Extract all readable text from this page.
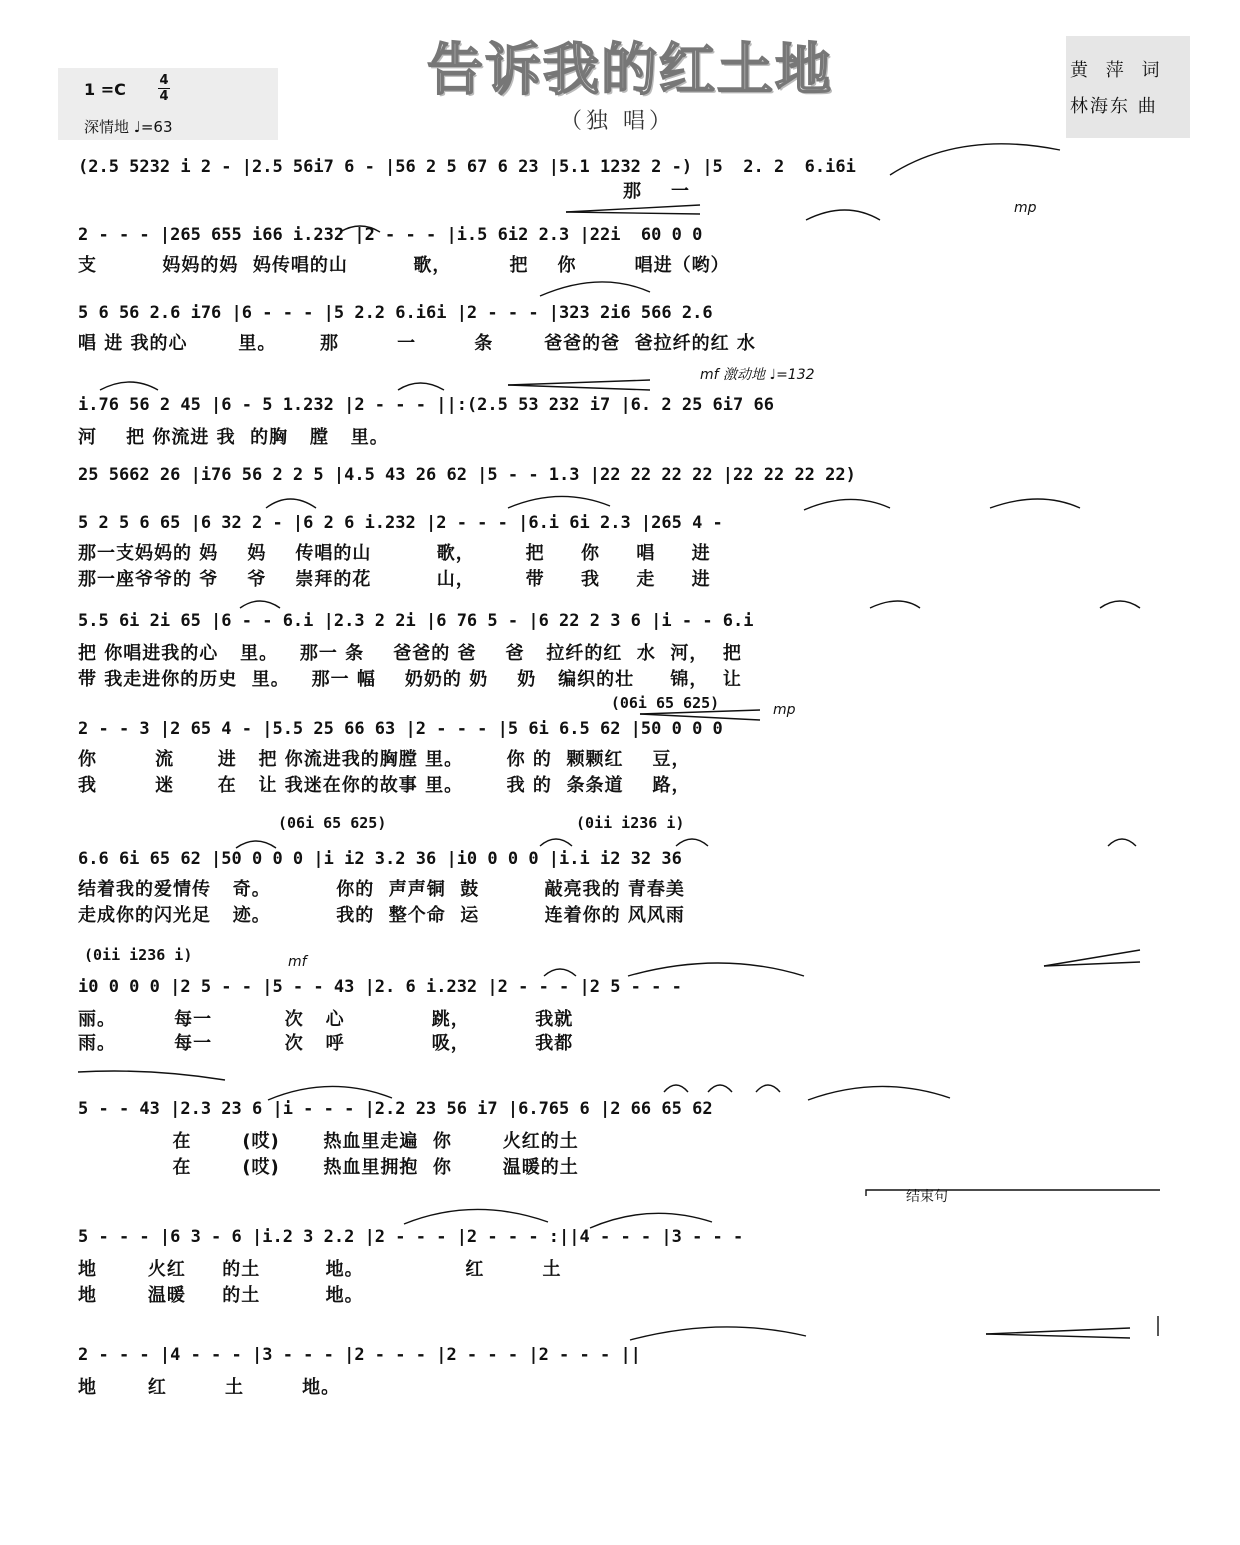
告诉我的红土地
（独 唱）
1 =C	4
4
深情地 ♩=63
黄 萍 词
林海东 曲
(2.5 5232 i 2 - |2.5 56i7 6 - |56 2 5 67 6 23 |5.1 1232 2 -) |5  2. 2  6.i6i
那    一
2 - - - |265 655 i66 i.232 |2 - - - |i.5 6i2 2.3 |22i  60 0 0
支         妈妈的妈  妈传唱的山         歌，        把    你        唱进（哟）
5 6 56 2.6 i76 |6 - - - |5 2.2 6.i6i |2 - - - |323 2i6 566 2.6
唱 进 我的心       里。      那        一        条       爸爸的爸  爸拉纤的红 水
i.76 56 2 45 |6 - 5 1.232 |2 - - - ||:(2.5 53 232 i7 |6. 2 25 6i7 66
河    把 你流进 我  的胸   膛   里。
25 5662 26 |i76 56 2 2 5 |4.5 43 26 62 |5 - - 1.3 |22 22 22 22 |22 22 22 22)
5 2 5 6 65 |6 32 2 - |6 2 6 i.232 |2 - - - |6.i 6i 2.3 |265 4 -
那一支妈妈的 妈    妈    传唱的山         歌，       把     你     唱     进
那一座爷爷的 爷    爷    崇拜的花         山，       带     我     走     进
5.5 6i 2i 65 |6 - - 6.i |2.3 2 2i |6 76 5 - |6 22 2 3 6 |i - - 6.i
把 你唱进我的心   里。   那一 条    爸爸的 爸    爸   拉纤的红  水  河，  把
带 我走进你的历史  里。   那一 幅    奶奶的 奶    奶   编织的壮     锦，  让
(06i 65 625)
2 - - 3 |2 65 4 - |5.5 25 66 63 |2 - - - |5 6i 6.5 62 |50 0 0 0
你        流      进   把 你流进我的胸膛 里。      你 的  颗颗红    豆，
我        迷      在   让 我迷在你的故事 里。      我 的  条条道    路，
(06i 65 625)                     (0ii i236 i)
6.6 6i 65 62 |50 0 0 0 |i i2 3.2 36 |i0 0 0 0 |i.i i2 32 36
结着我的爱情传   奇。         你的  声声铜  鼓         敲亮我的 青春美
走成你的闪光足   迹。         我的  整个命  运         连着你的 风风雨
(0ii i236 i)
i0 0 0 0 |2 5 - - |5 - - 43 |2. 6 i.232 |2 - - - |2 5 - - -
丽。        每一          次   心            跳，         我就
雨。        每一          次   呼            吸，         我都
5 - - 43 |2.3 23 6 |i - - - |2.2 23 56 i7 |6.765 6 |2 66 65 62
在       (哎)      热血里走遍  你       火红的土
在       (哎)      热血里拥抱  你       温暖的土
5 - - - |6 3 - 6 |i.2 3 2.2 |2 - - - |2 - - - :||4 - - - |3 - - -
地       火红     的土         地。              红        土
地       温暖     的土         地。
2 - - - |4 - - - |3 - - - |2 - - - |2 - - - |2 - - - ||
地       红        土        地。
mp
mf 激动地 ♩=132
mp
mf
结束句
